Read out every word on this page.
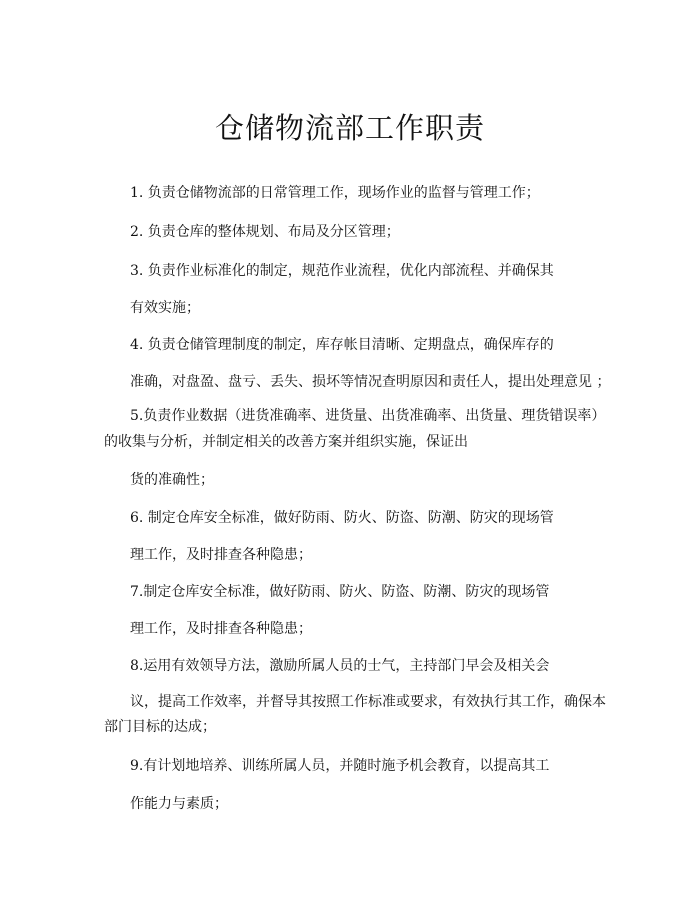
仓储物流部工作职责

1. 负责仓储物流部的日常管理工作，现场作业的监督与管理工作；

2. 负责仓库的整体规划、布局及分区管理；

3. 负责作业标准化的制定，规范作业流程，优化内部流程、并确保其

有效实施；

4. 负责仓储管理制度的制定，库存帐目清晰、定期盘点，确保库存的

准确，对盘盈、盘亏、丢失、损坏等情况查明原因和责任人，提出处理意见 ；

5.负责作业数据（进货准确率、进货量、出货准确率、出货量、理货错误率）

的收集与分析，并制定相关的改善方案并组织实施，保证出

货的准确性；

6. 制定仓库安全标准，做好防雨、防火、防盗、防潮、防灾的现场管

理工作，及时排查各种隐患；

7.制定仓库安全标准，做好防雨、防火、防盗、防潮、防灾的现场管

理工作，及时排查各种隐患；

8.运用有效领导方法，激励所属人员的士气，主持部门早会及相关会

议，提高工作效率，并督导其按照工作标准或要求，有效执行其工作，确保本

部门目标的达成；

9.有计划地培养、训练所属人员，并随时施予机会教育，以提高其工

作能力与素质；
